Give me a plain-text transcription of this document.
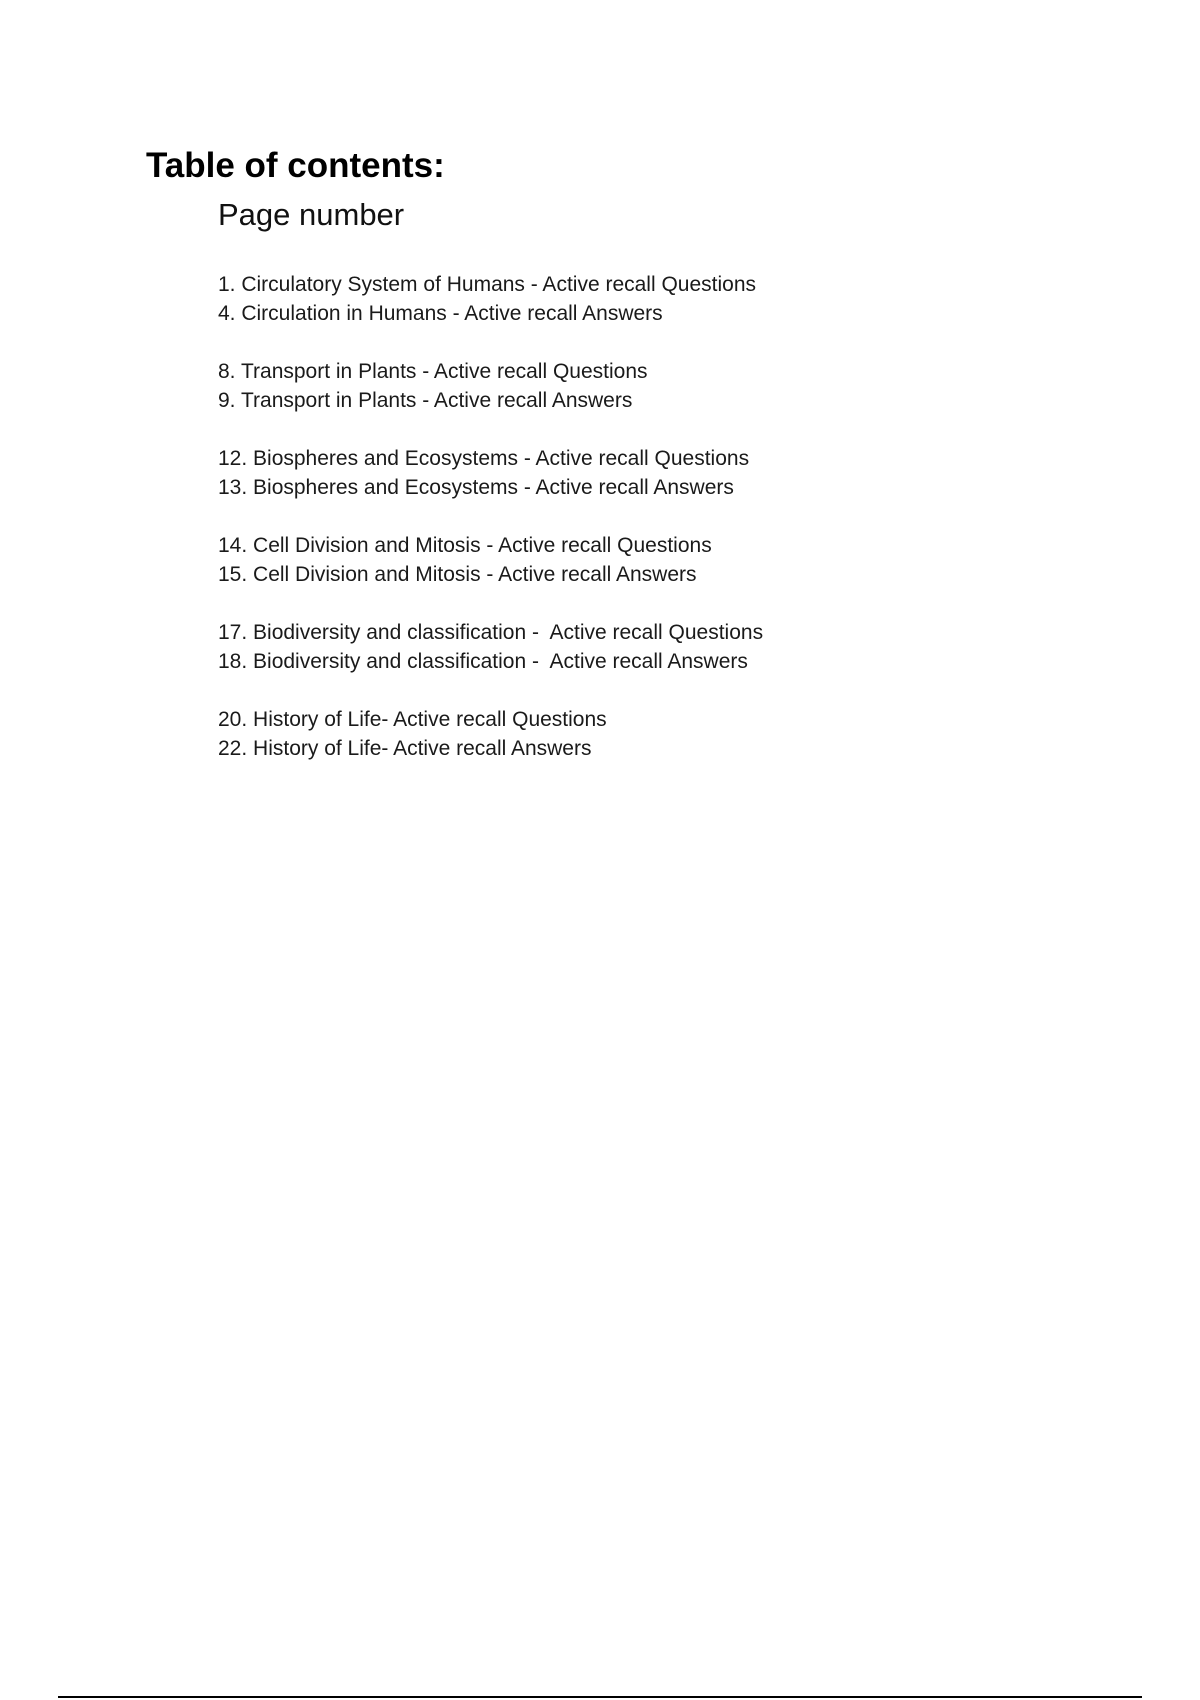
Table of contents:
Page number
1. Circulatory System of Humans - Active recall Questions
4. Circulation in Humans - Active recall Answers
8. Transport in Plants - Active recall Questions
9. Transport in Plants - Active recall Answers
12. Biospheres and Ecosystems - Active recall Questions
13. Biospheres and Ecosystems - Active recall Answers
14. Cell Division and Mitosis - Active recall Questions
15. Cell Division and Mitosis - Active recall Answers
17. Biodiversity and classification -  Active recall Questions
18. Biodiversity and classification -  Active recall Answers
20. History of Life- Active recall Questions
22. History of Life- Active recall Answers
